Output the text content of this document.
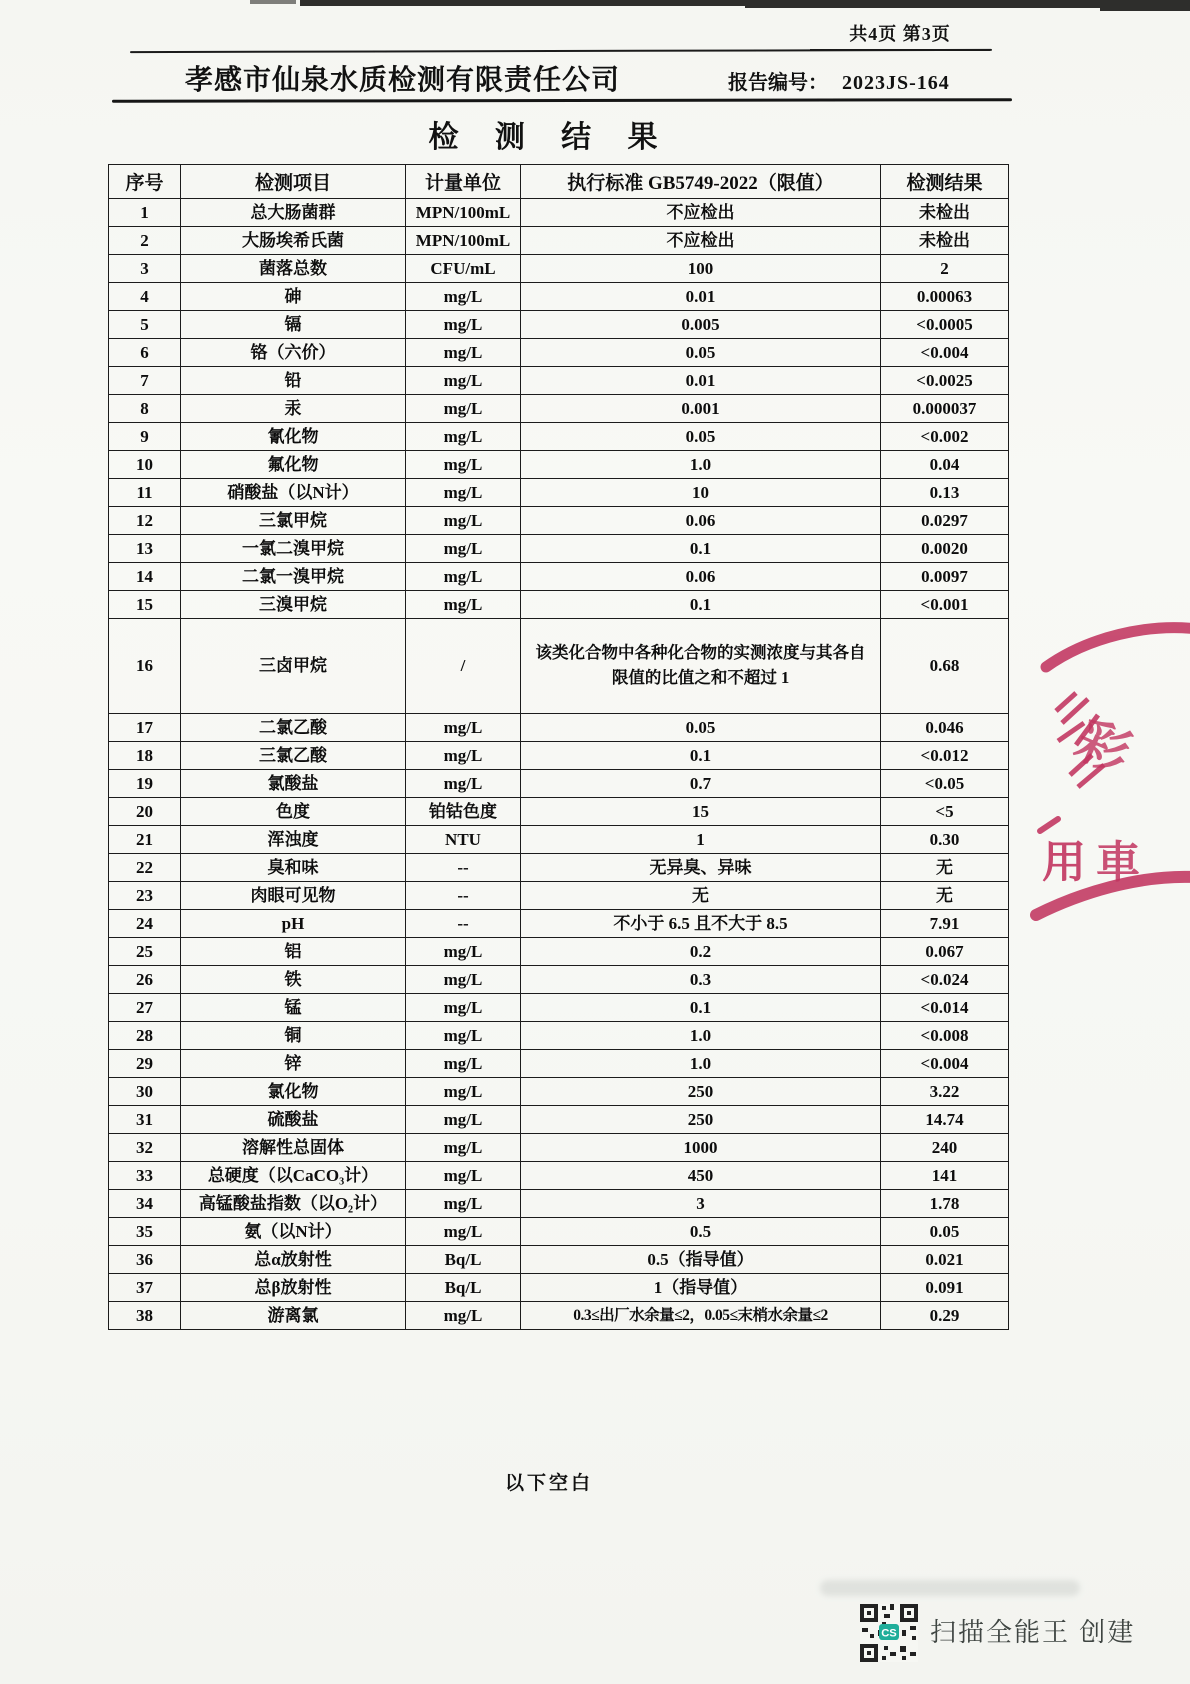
共4页 第3页
孝感市仙泉水质检测有限责任公司	报告编号： 2023JS-164
检 测 结 果
序号	检测项目	计量单位	执行标准 GB5749-2022（限值）	检测结果
1	总大肠菌群	MPN/100mL	不应检出	未检出
2	大肠埃希氏菌	MPN/100mL	不应检出	未检出
3	菌落总数	CFU/mL	100	2
4	砷	mg/L	0.01	0.00063
5	镉	mg/L	0.005	<0.0005
6	铬（六价）	mg/L	0.05	<0.004
7	铅	mg/L	0.01	<0.0025
8	汞	mg/L	0.001	0.000037
9	氰化物	mg/L	0.05	<0.002
10	氟化物	mg/L	1.0	0.04
11	硝酸盐（以N计）	mg/L	10	0.13
12	三氯甲烷	mg/L	0.06	0.0297
13	一氯二溴甲烷	mg/L	0.1	0.0020
14	二氯一溴甲烷	mg/L	0.06	0.0097
15	三溴甲烷	mg/L	0.1	<0.001
16	三卤甲烷	/	该类化合物中各种化合物的实测浓度与其各自限值的比值之和不超过 1	0.68
17	二氯乙酸	mg/L	0.05	0.046
18	三氯乙酸	mg/L	0.1	<0.012
19	氯酸盐	mg/L	0.7	<0.05
20	色度	铂钴色度	15	<5
21	浑浊度	NTU	1	0.30
22	臭和味	--	无异臭、异味	无
23	肉眼可见物	--	无	无
24	pH	--	不小于 6.5 且不大于 8.5	7.91
25	铝	mg/L	0.2	0.067
26	铁	mg/L	0.3	<0.024
27	锰	mg/L	0.1	<0.014
28	铜	mg/L	1.0	<0.008
29	锌	mg/L	1.0	<0.004
30	氯化物	mg/L	250	3.22
31	硫酸盐	mg/L	250	14.74
32	溶解性总固体	mg/L	1000	240
33	总硬度（以CaCO₃计）	mg/L	450	141
34	高锰酸盐指数（以O₂计）	mg/L	3	1.78
35	氨（以N计）	mg/L	0.5	0.05
36	总α放射性	Bq/L	0.5（指导值）	0.021
37	总β放射性	Bq/L	1（指导值）	0.091
38	游离氯	mg/L	0.3≤出厂水余量≤2，0.05≤末梢水余量≤2	0.29
以下空白
用 車
彩
CS 扫描全能王 创建
